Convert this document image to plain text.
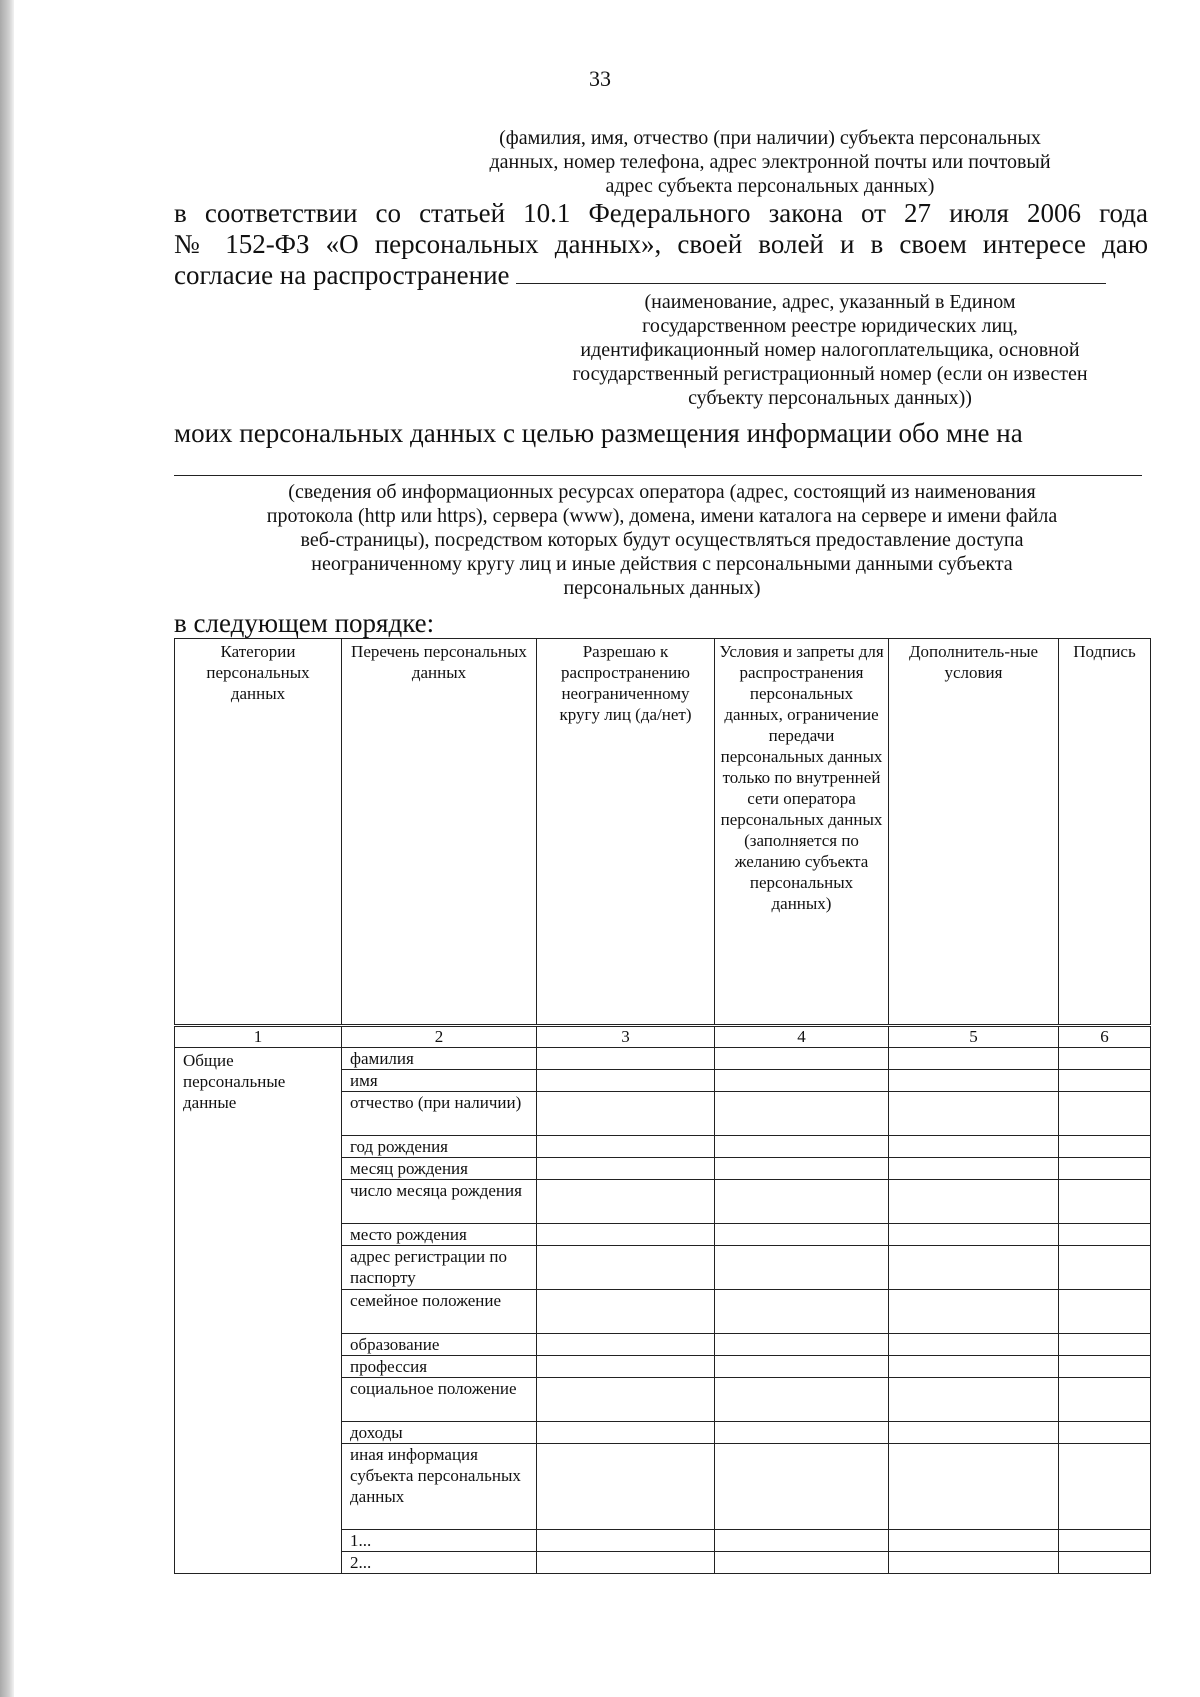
33
(фамилия, имя, отчество (при наличии) субъекта персональных
данных, номер телефона, адрес электронной почты или почтовый
адрес субъекта персональных данных)
в соответствии со статьей 10.1 Федерального закона от 27 июля 2006 года
№ 152-ФЗ «О персональных данных», своей волей и в своем интересе даю
согласие на распространение
(наименование, адрес, указанный в Едином
государственном реестре юридических лиц,
идентификационный номер налогоплательщика, основной
государственный регистрационный номер (если он известен
субъекту персональных данных))
моих персональных данных с целью размещения информации обо мне на
(сведения об информационных ресурсах оператора (адрес, состоящий из наименования
протокола (http или https), сервера (www), домена, имени каталога на сервере и имени файла
веб-страницы), посредством которых будут осуществляться предоставление доступа
неограниченному кругу лиц и иные действия с персональными данными субъекта
персональных данных)
в следующем порядке:
Категории персональных данных	Перечень персональных данных	Разрешаю к распространению неограниченному кругу лиц (да/нет)	Условия и запреты для распространения персональных данных, ограничение передачи персональных данных только по внутренней сети оператора персональных данных (заполняется по желанию субъекта персональных данных)	Дополнитель-ные условия	Подпись
1	2	3	4	5	6
Общие персональные данные	фамилия				
	имя				
	отчество (при наличии)				
	год рождения				
	месяц рождения				
	число месяца рождения				
	место рождения				
	адрес регистрации по паспорту				
	семейное положение				
	образование				
	профессия				
	социальное положение				
	доходы				
	иная информация субъекта персональных данных				
	1...				
	2...				
